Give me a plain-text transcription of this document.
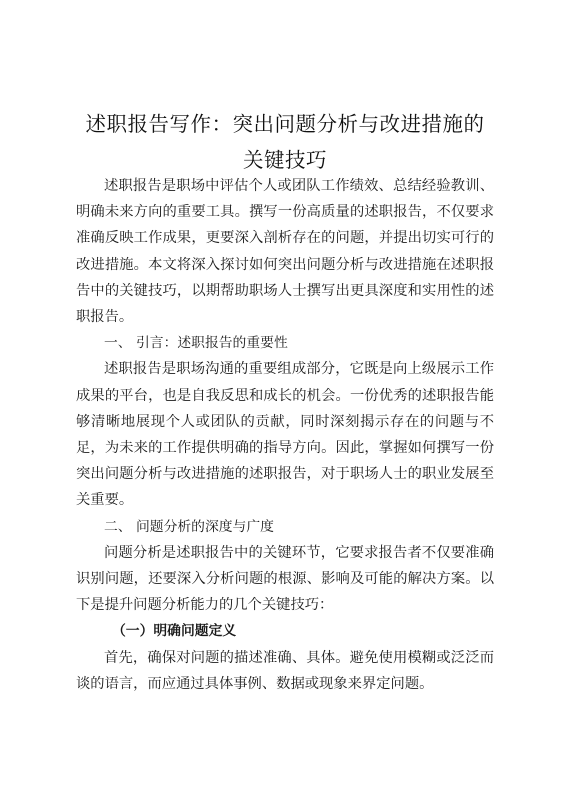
述职报告写作：突出问题分析与改进措施的
关键技巧

述职报告是职场中评估个人或团队工作绩效、总结经验教训、明确未来方向的重要工具。撰写一份高质量的述职报告，不仅要求准确反映工作成果，更要深入剖析存在的问题，并提出切实可行的改进措施。本文将深入探讨如何突出问题分析与改进措施在述职报告中的关键技巧，以期帮助职场人士撰写出更具深度和实用性的述职报告。

一、 引言：述职报告的重要性

述职报告是职场沟通的重要组成部分，它既是向上级展示工作成果的平台，也是自我反思和成长的机会。一份优秀的述职报告能够清晰地展现个人或团队的贡献，同时深刻揭示存在的问题与不足，为未来的工作提供明确的指导方向。因此，掌握如何撰写一份突出问题分析与改进措施的述职报告，对于职场人士的职业发展至关重要。

二、 问题分析的深度与广度

问题分析是述职报告中的关键环节，它要求报告者不仅要准确识别问题，还要深入分析问题的根源、影响及可能的解决方案。以下是提升问题分析能力的几个关键技巧：

（一）明确问题定义

首先，确保对问题的描述准确、具体。避免使用模糊或泛泛而谈的语言，而应通过具体事例、数据或现象来界定问题。
